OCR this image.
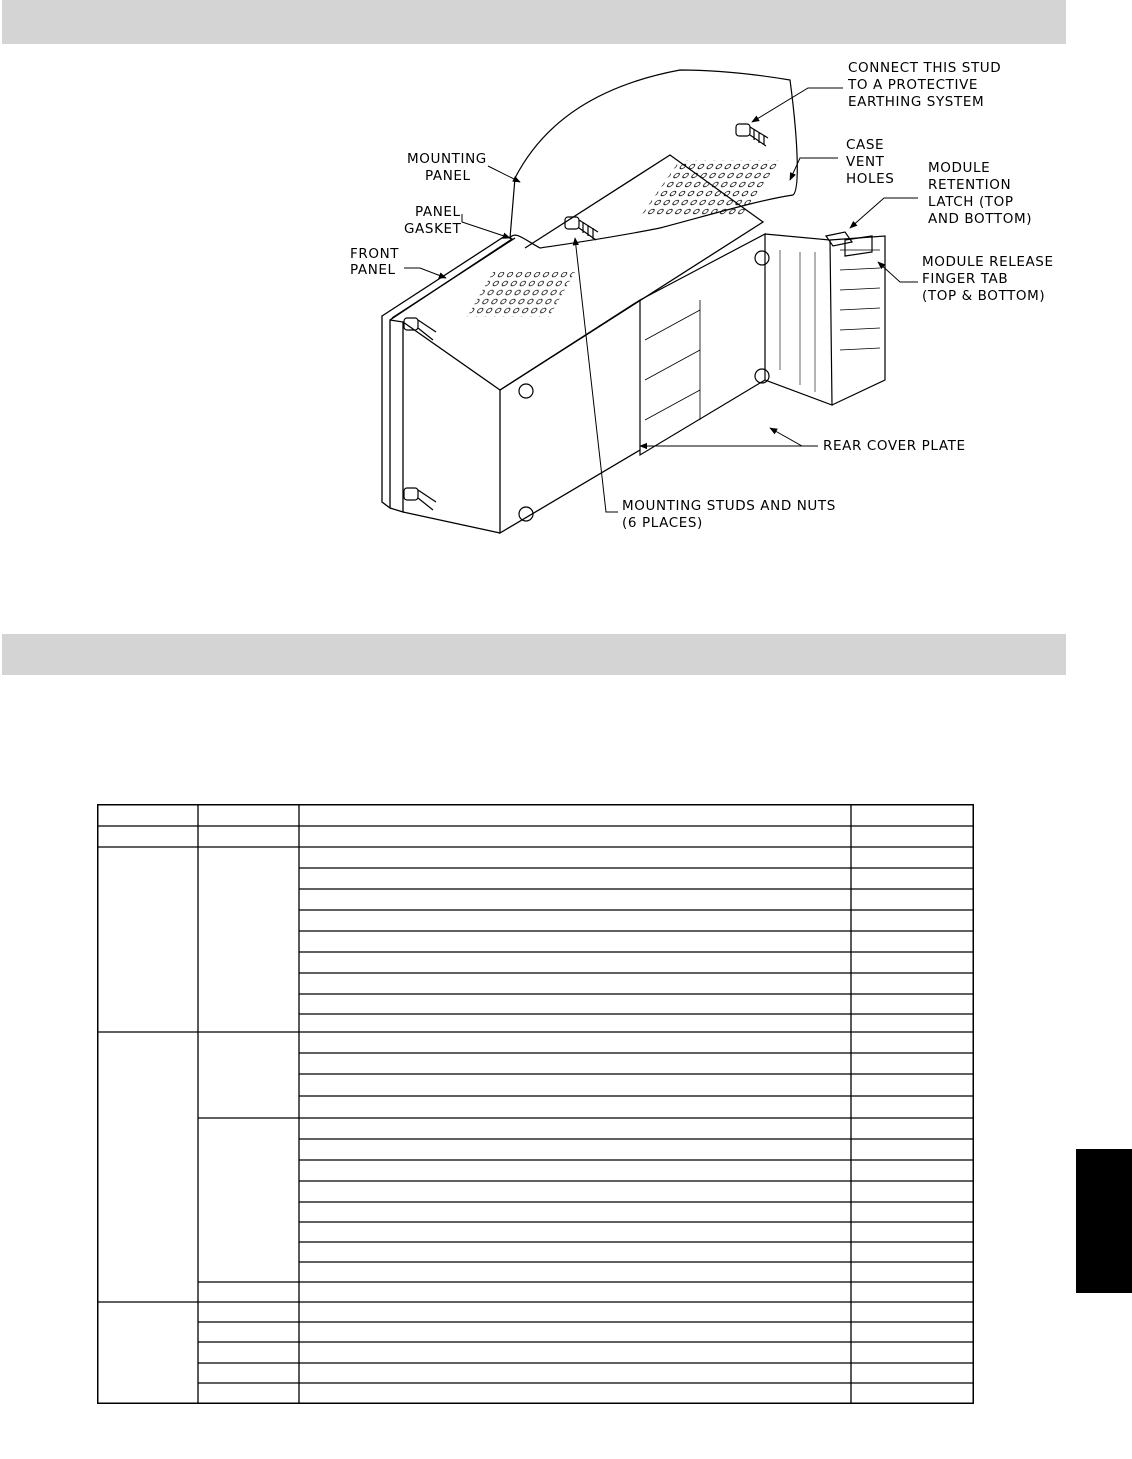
CONNECT THIS STUD
TO A PROTECTIVE
EARTHING SYSTEM
MOUNTING
PANEL
PANEL
GASKET
FRONT
PANEL
CASE
VENT
HOLES
MODULE
RETENTION
LATCH (TOP
AND BOTTOM)
MODULE RELEASE
FINGER TAB
(TOP & BOTTOM)
REAR COVER PLATE
MOUNTING STUDS AND NUTS
(6 PLACES)
